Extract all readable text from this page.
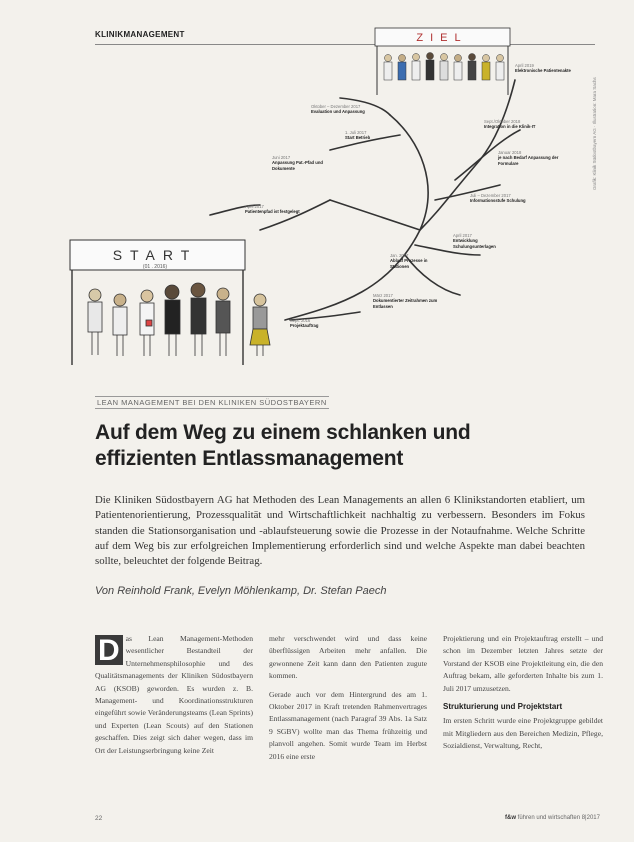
KLINIKMANAGEMENT
START
(01 . 2016)
ZIEL
Sept. 2016
Projektauftrag
März 2017
Dokumentierter Zeitrahmen zum Entlassen
Jan. 2017
Ablauf Prozesse in Stationen
April 2017
Entwicklung Schulungsunterlagen
Juli – Dezember 2017
Informationsstufe Schulung
Januar 2018
je nach Bedarf Anpassung der Formulare
Sept./Oktober 2018
Integration in die Klinik-IT
April 2019
Elektronische Patientenakte
Oktober – Dezember 2017
Evaluation und Anpassung
1. Juli 2017
Start Betrieb
Juni 2017
Anpassung Pat.-Pfad und Dokumente
April 2017
Patientenpfad ist festgelegt
Grafik: Klinik Südostbayern AG · Illustration: Mara Sachs
LEAN MANAGEMENT BEI DEN KLINIKEN SÜDOSTBAYERN
Auf dem Weg zu einem schlanken und effizienten Entlassmanagement
Die Kliniken Südostbayern AG hat Methoden des Lean Managements an allen 6 Klinikstandorten etabliert, um Patientenorientierung, Prozessqualität und Wirtschaftlichkeit nachhaltig zu verbessern. Besonders im Fokus standen die Stationsorganisation und -ablaufsteuerung sowie die Prozesse in der Notaufnahme. Welche Schritte auf dem Weg bis zur erfolgreichen Implementierung erforderlich sind und welche Aspekte man dabei beachten sollte, beleuchtet der folgende Beitrag.
Von Reinhold Frank, Evelyn Möhlenkamp, Dr. Stefan Paech
D as Lean Management-Methoden wesentlicher Bestandteil der Unternehmensphilosophie und des Qualitätsmanagements der Kliniken Südostbayern AG (KSOB) geworden. Es wurden z. B. Management- und Koordinationsstrukturen eingeführt sowie Veränderungsteams (Lean Sprints) und Experten (Lean Scouts) auf den Stationen geschaffen. Dies zeigt sich daher wegen, dass im Ort der Leistungserbringung keine Zeit

mehr verschwendet wird und dass keine überflüssigen Arbeiten mehr anfallen. Die gewonnene Zeit kann dann den Patienten zugute kommen.

Gerade auch vor dem Hintergrund des am 1. Oktober 2017 in Kraft tretenden Rahmenvertrages Entlassmanagement (nach Paragraf 39 Abs. 1a Satz 9 SGBV) wollte man das Thema frühzeitig und planvoll angehen. Somit wurde Team im Herbst 2016 eine erste

Projektierung und ein Projektauftrag erstellt – und schon im Dezember letzten Jahres setzte der Vorstand der KSOB eine Projektleitung ein, die den Auftrag bekam, alle geforderten Inhalte bis zum 1. Juli 2017 umzusetzen.

Strukturierung und Projektstart

Im ersten Schritt wurde eine Projektgruppe gebildet mit Mitgliedern aus den Bereichen Medizin, Pflege, Sozialdienst, Verwaltung, Recht,

22	f&w führen und wirtschaften 8|2017
